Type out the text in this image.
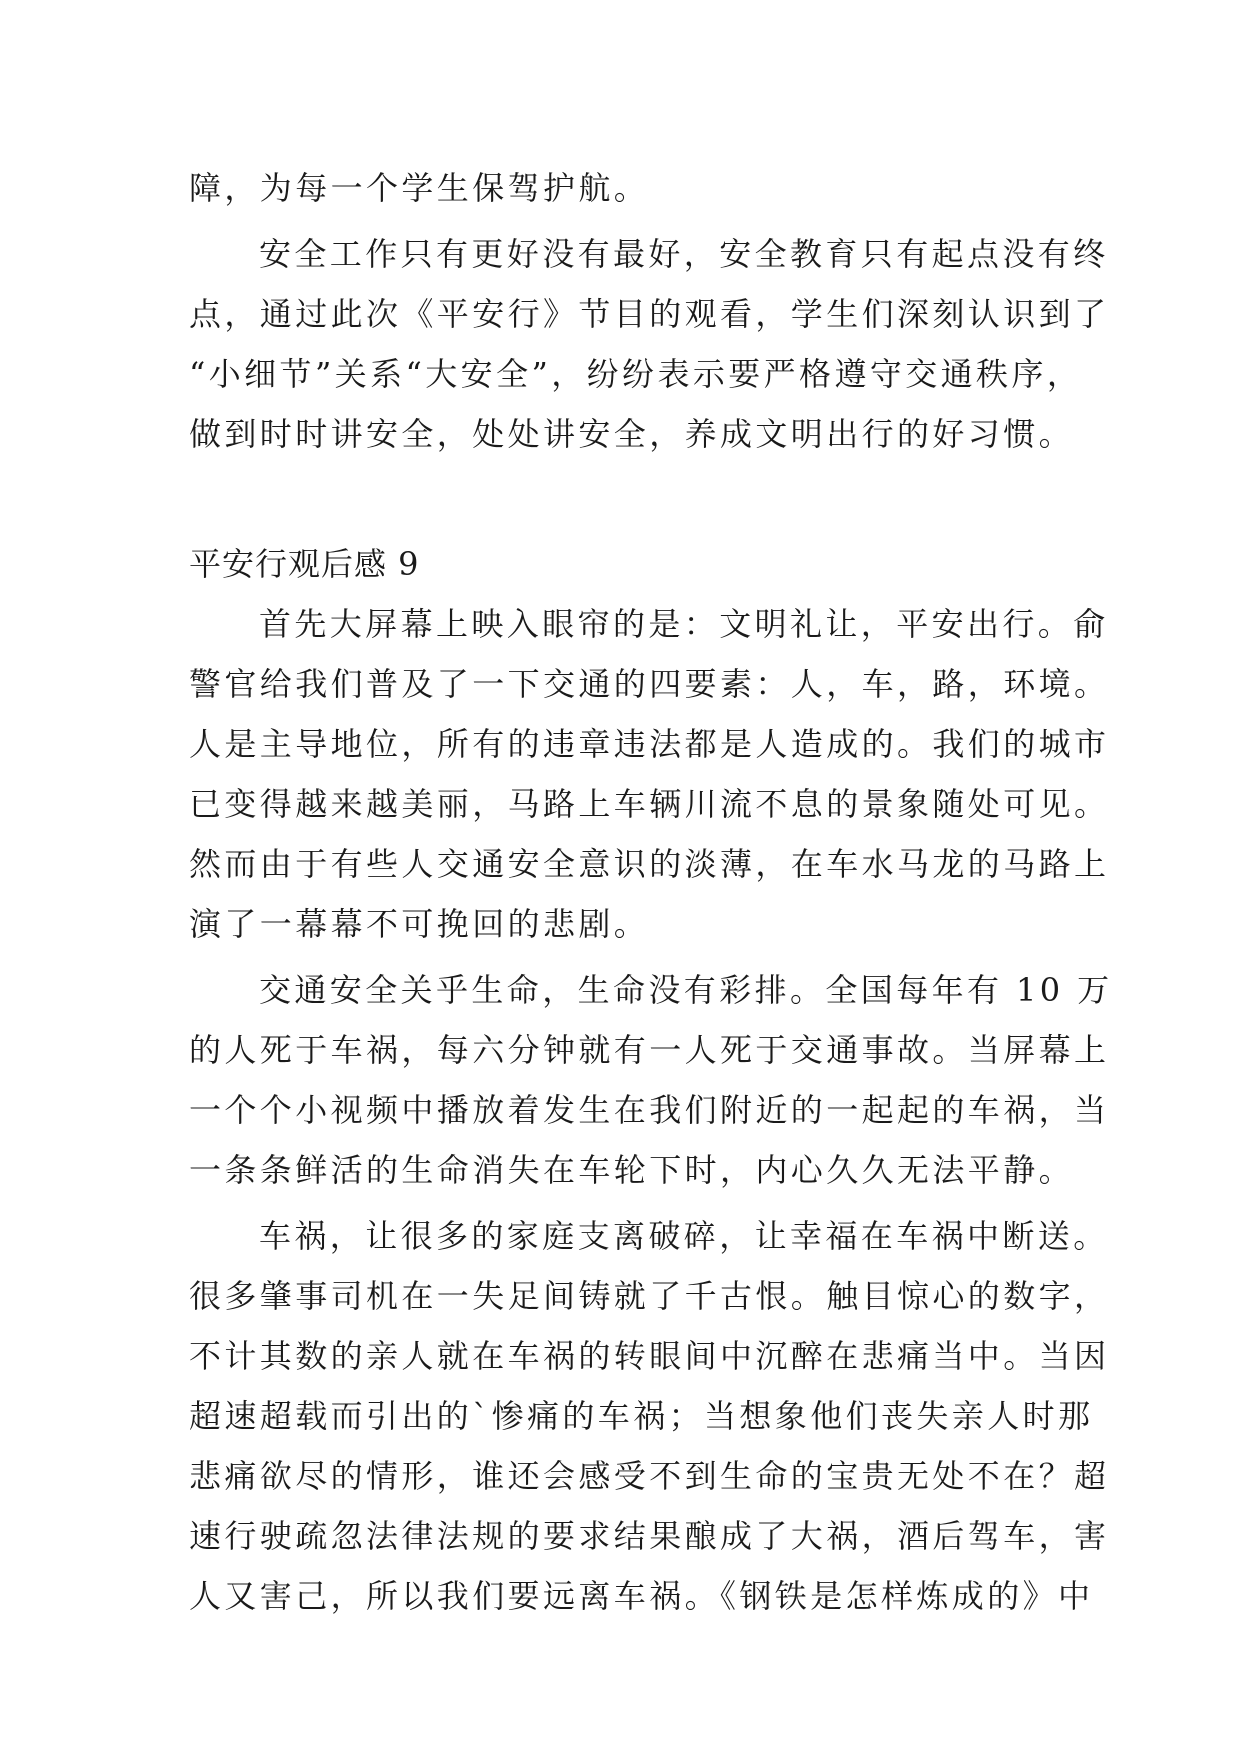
障，为每一个学生保驾护航。
安全工作只有更好没有最好，安全教育只有起点没有终
点，通过此次《平安行》节目的观看，学生们深刻认识到了
“小细节”关系“大安全”，纷纷表示要严格遵守交通秩序，
做到时时讲安全，处处讲安全，养成文明出行的好习惯。
平安行观后感 9
首先大屏幕上映入眼帘的是：文明礼让，平安出行。俞
警官给我们普及了一下交通的四要素：人，车，路，环境。
人是主导地位，所有的违章违法都是人造成的。我们的城市
已变得越来越美丽，马路上车辆川流不息的景象随处可见。
然而由于有些人交通安全意识的淡薄，在车水马龙的马路上
演了一幕幕不可挽回的悲剧。
交通安全关乎生命，生命没有彩排。全国每年有 10 万
的人死于车祸，每六分钟就有一人死于交通事故。当屏幕上
一个个小视频中播放着发生在我们附近的一起起的车祸，当
一条条鲜活的生命消失在车轮下时，内心久久无法平静。
车祸，让很多的家庭支离破碎，让幸福在车祸中断送。
很多肇事司机在一失足间铸就了千古恨。触目惊心的数字，
不计其数的亲人就在车祸的转眼间中沉醉在悲痛当中。当因
超速超载而引出的`惨痛的车祸；当想象他们丧失亲人时那
悲痛欲尽的情形，谁还会感受不到生命的宝贵无处不在？超
速行驶疏忽法律法规的要求结果酿成了大祸，酒后驾车，害
人又害己，所以我们要远离车祸。《钢铁是怎样炼成的》中
